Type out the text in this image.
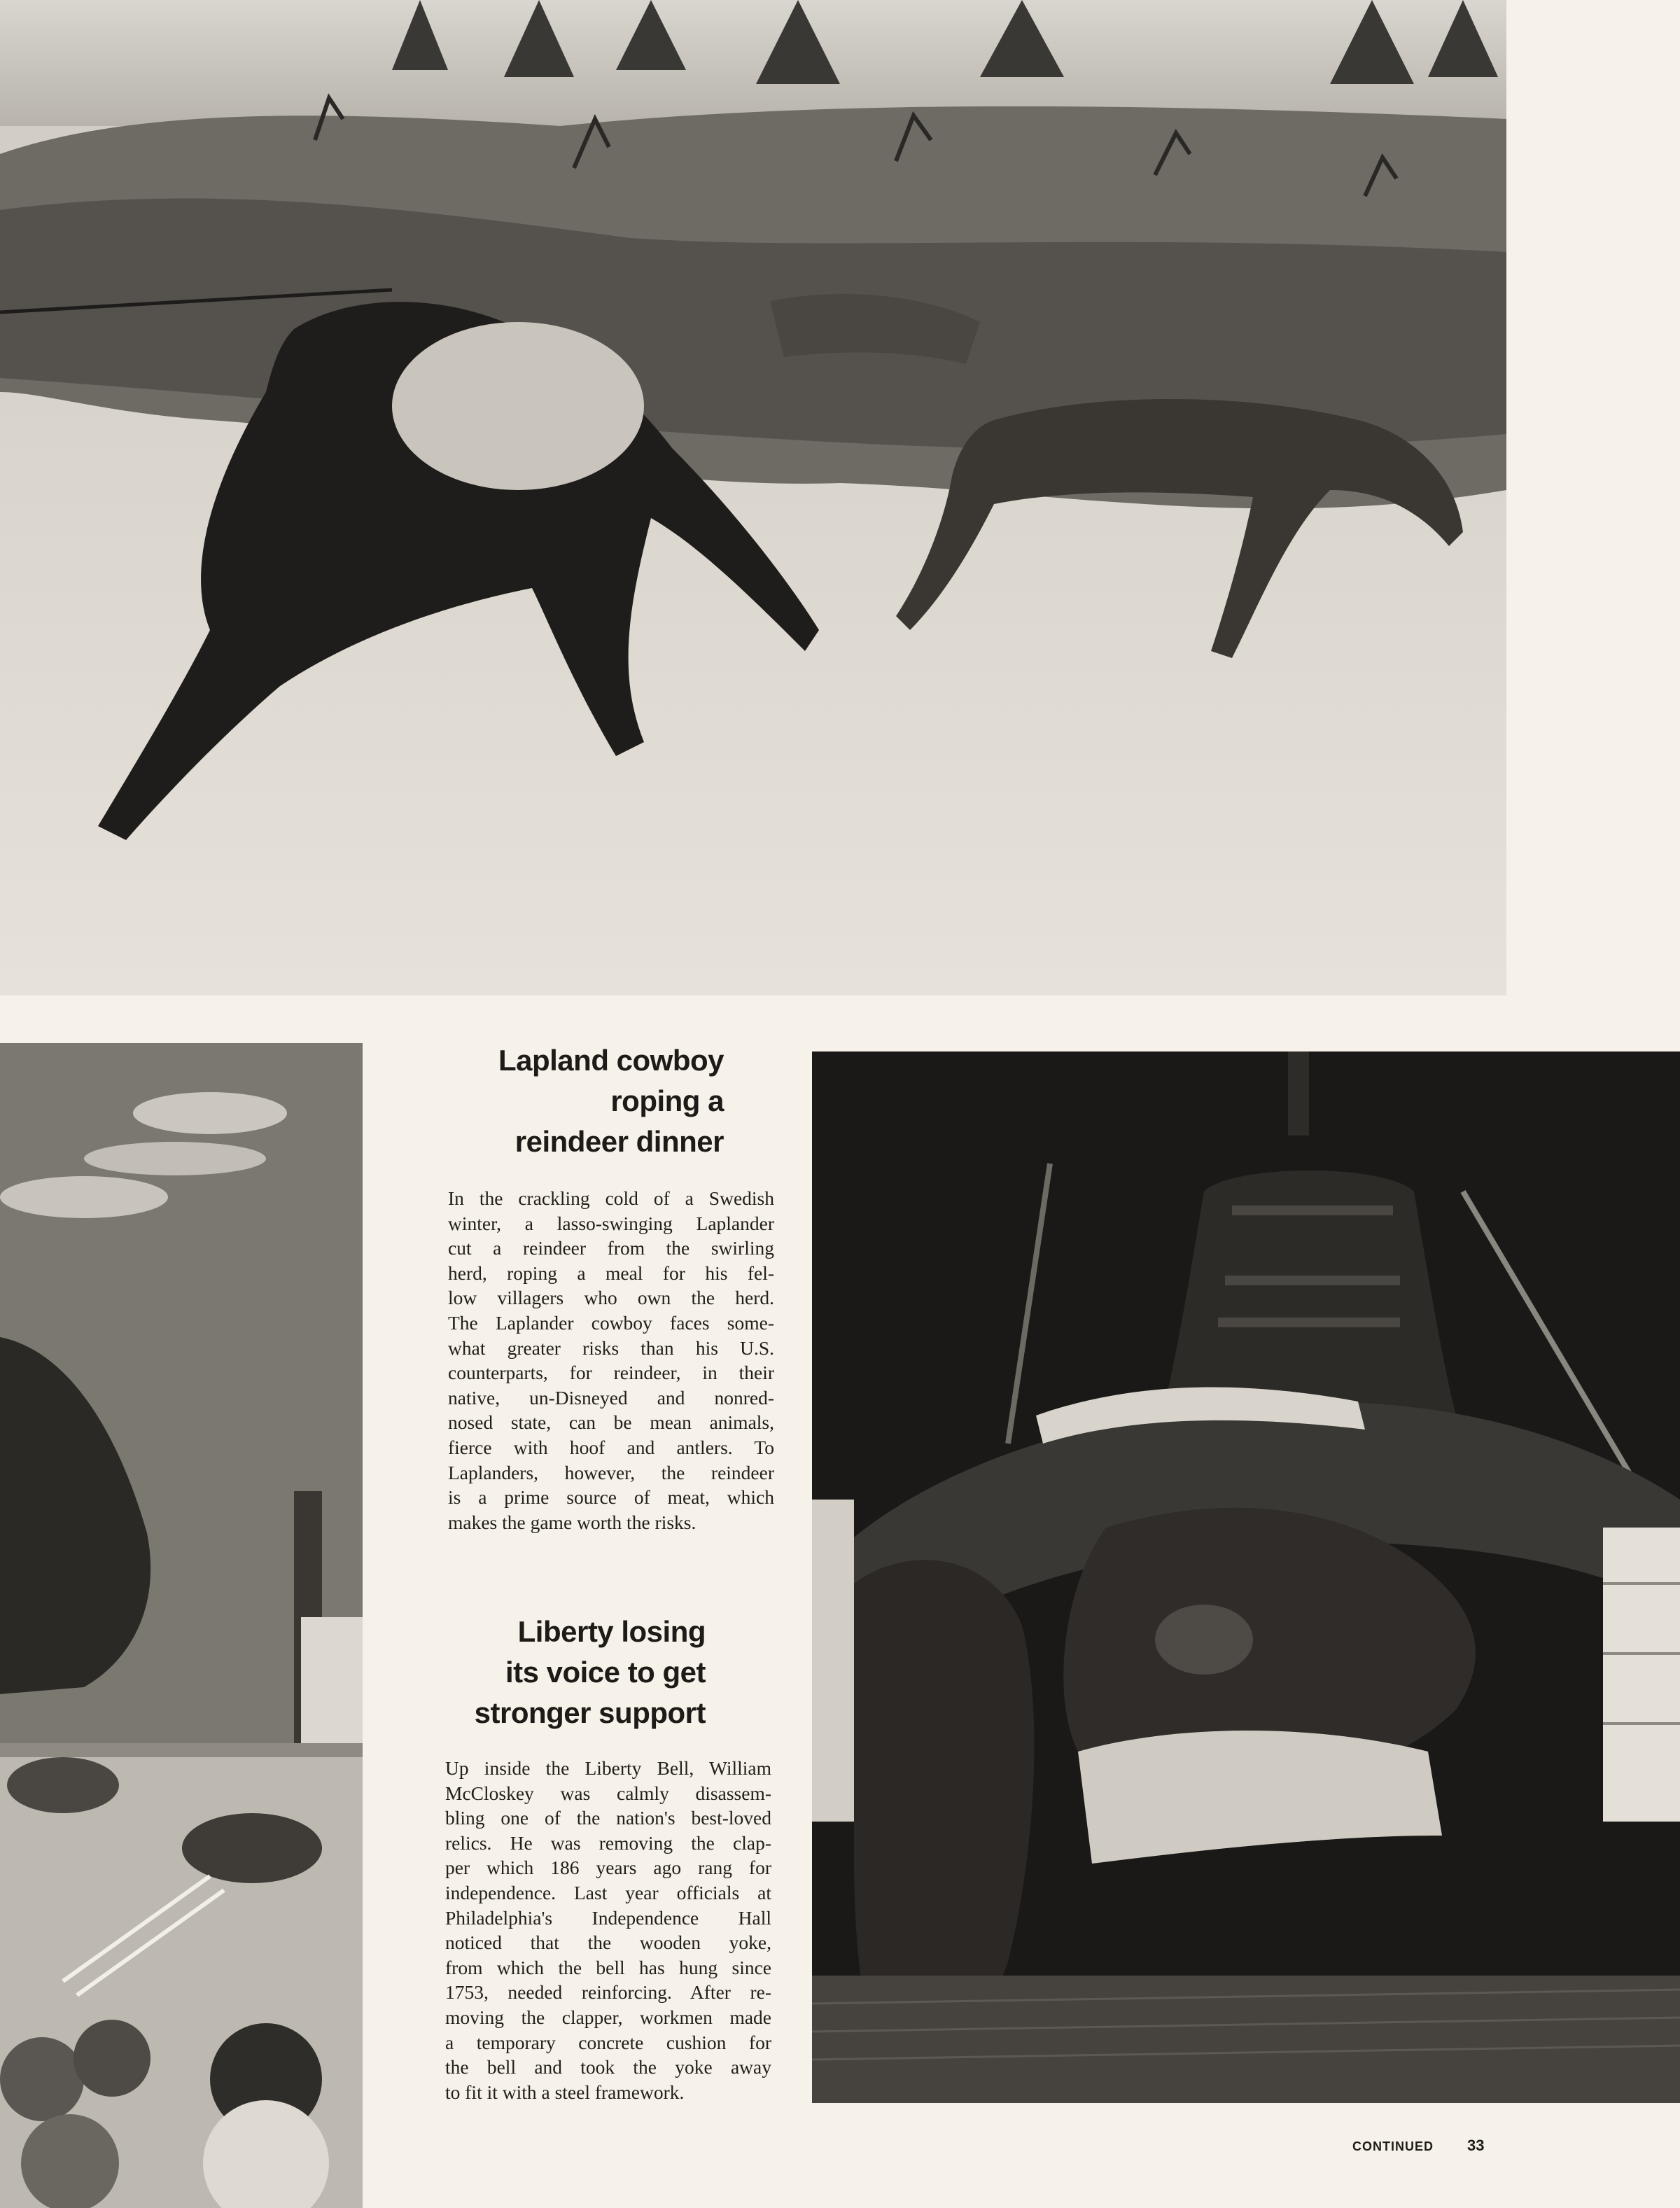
Lapland cowboy
roping a
reindeer dinner
In the crackling cold of a Swedish
winter, a lasso-swinging Laplander
cut a reindeer from the swirling
herd, roping a meal for his fel-
low villagers who own the herd.
The Laplander cowboy faces some-
what greater risks than his U.S.
counterparts, for reindeer, in their
native, un-Disneyed and nonred-
nosed state, can be mean animals,
fierce with hoof and antlers. To
Laplanders, however, the reindeer
is a prime source of meat, which
makes the game worth the risks.
Liberty losing
its voice to get
stronger support
Up inside the Liberty Bell, William
McCloskey was calmly disassem-
bling one of the nation's best-loved
relics. He was removing the clap-
per which 186 years ago rang for
independence. Last year officials at
Philadelphia's Independence Hall
noticed that the wooden yoke,
from which the bell has hung since
1753, needed reinforcing. After re-
moving the clapper, workmen made
a temporary concrete cushion for
the bell and took the yoke away
to fit it with a steel framework.
CONTINUED 33
